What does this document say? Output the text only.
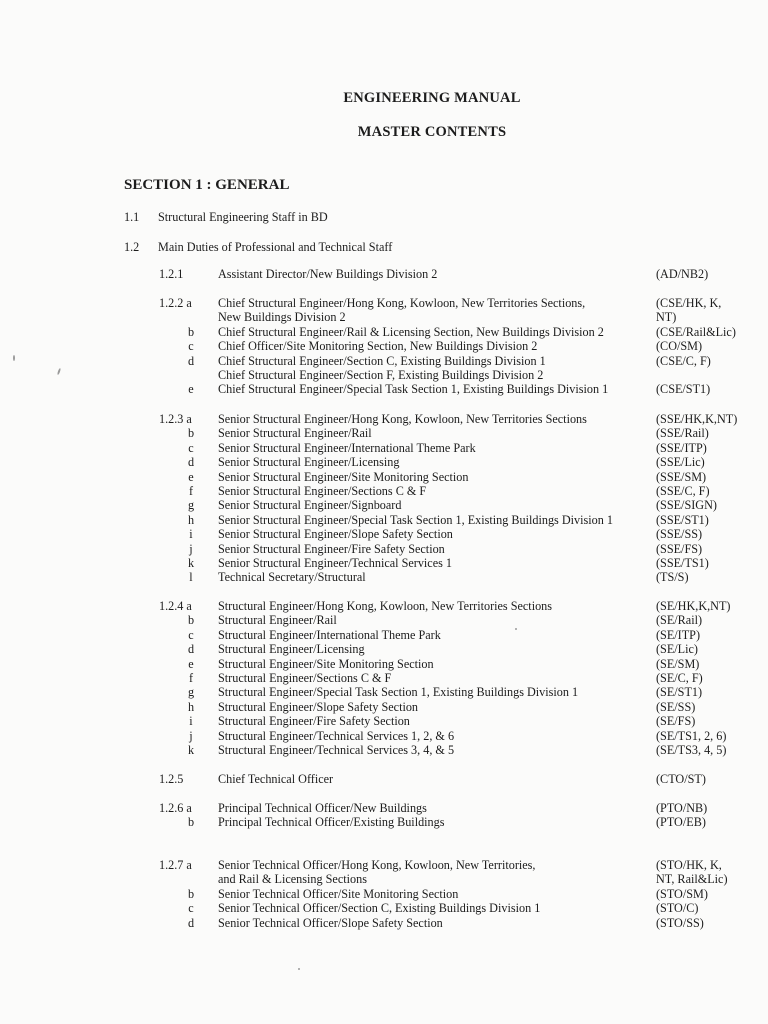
ENGINEERING MANUAL
MASTER CONTENTS
SECTION 1 : GENERAL
1.1 Structural Engineering Staff in BD
1.2 Main Duties of Professional and Technical Staff
1.2.1	Assistant Director/New Buildings Division 2	(AD/NB2)
1.2.2 a Chief Structural Engineer/Hong Kong, Kowloon, New Territories Sections,	(CSE/HK, K,
New Buildings Division 2	NT)
b Chief Structural Engineer/Rail & Licensing Section, New Buildings Division 2	(CSE/Rail&Lic)
c Chief Officer/Site Monitoring Section, New Buildings Division 2	(CO/SM)
d Chief Structural Engineer/Section C, Existing Buildings Division 1	(CSE/C, F)
Chief Structural Engineer/Section F, Existing Buildings Division 2
e Chief Structural Engineer/Special Task Section 1, Existing Buildings Division 1	(CSE/ST1)
1.2.3 a Senior Structural Engineer/Hong Kong, Kowloon, New Territories Sections	(SSE/HK,K,NT)
b Senior Structural Engineer/Rail	(SSE/Rail)
c Senior Structural Engineer/International Theme Park	(SSE/ITP)
d Senior Structural Engineer/Licensing	(SSE/Lic)
e Senior Structural Engineer/Site Monitoring Section	(SSE/SM)
f Senior Structural Engineer/Sections C & F	(SSE/C, F)
g Senior Structural Engineer/Signboard	(SSE/SIGN)
h Senior Structural Engineer/Special Task Section 1, Existing Buildings Division 1	(SSE/ST1)
i Senior Structural Engineer/Slope Safety Section	(SSE/SS)
j Senior Structural Engineer/Fire Safety Section	(SSE/FS)
k Senior Structural Engineer/Technical Services 1	(SSE/TS1)
l Technical Secretary/Structural	(TS/S)
1.2.4 a Structural Engineer/Hong Kong, Kowloon, New Territories Sections	(SE/HK,K,NT)
b Structural Engineer/Rail	(SE/Rail)
c Structural Engineer/International Theme Park	(SE/ITP)
d Structural Engineer/Licensing	(SE/Lic)
e Structural Engineer/Site Monitoring Section	(SE/SM)
f Structural Engineer/Sections C & F	(SE/C, F)
g Structural Engineer/Special Task Section 1, Existing Buildings Division 1	(SE/ST1)
h Structural Engineer/Slope Safety Section	(SE/SS)
i Structural Engineer/Fire Safety Section	(SE/FS)
j Structural Engineer/Technical Services 1, 2, & 6	(SE/TS1, 2, 6)
k Structural Engineer/Technical Services 3, 4, & 5	(SE/TS3, 4, 5)
1.2.5	Chief Technical Officer	(CTO/ST)
1.2.6 a Principal Technical Officer/New Buildings	(PTO/NB)
b Principal Technical Officer/Existing Buildings	(PTO/EB)
1.2.7 a Senior Technical Officer/Hong Kong, Kowloon, New Territories,	(STO/HK, K,
and Rail & Licensing Sections	NT, Rail&Lic)
b Senior Technical Officer/Site Monitoring Section	(STO/SM)
c Senior Technical Officer/Section C, Existing Buildings Division 1	(STO/C)
d Senior Technical Officer/Slope Safety Section	(STO/SS)
